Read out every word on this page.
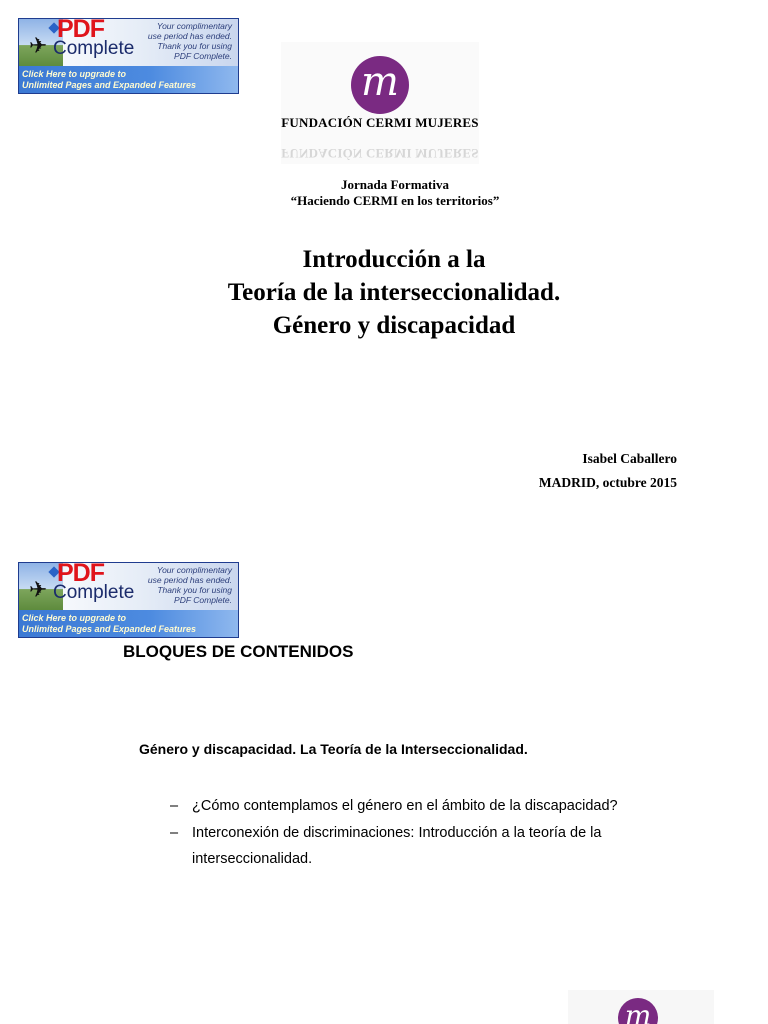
✈
PDF
Complete
Your complimentary
use period has ended.
Thank you for using
PDF Complete.
Click Here to upgrade to
Unlimited Pages and Expanded Features	m
FUNDACIÓN CERMI MUJERES
FUNDACIÓN CERMI MUJERES
Jornada Formativa
“Haciendo CERMI en los territorios”
Introducción a la
Teoría de la interseccionalidad.
Género y discapacidad
Isabel Caballero
MADRID, octubre 2015
✈
PDF
Complete
Your complimentary
use period has ended.
Thank you for using
PDF Complete.
Click Here to upgrade to
Unlimited Pages and Expanded Features
BLOQUES DE CONTENIDOS
Género y discapacidad. La Teoría de la Interseccionalidad.
– ¿Cómo contemplamos el género en el ámbito de la discapacidad?
– Interconexión de discriminaciones: Introducción a la teoría de la interseccionalidad.
m
